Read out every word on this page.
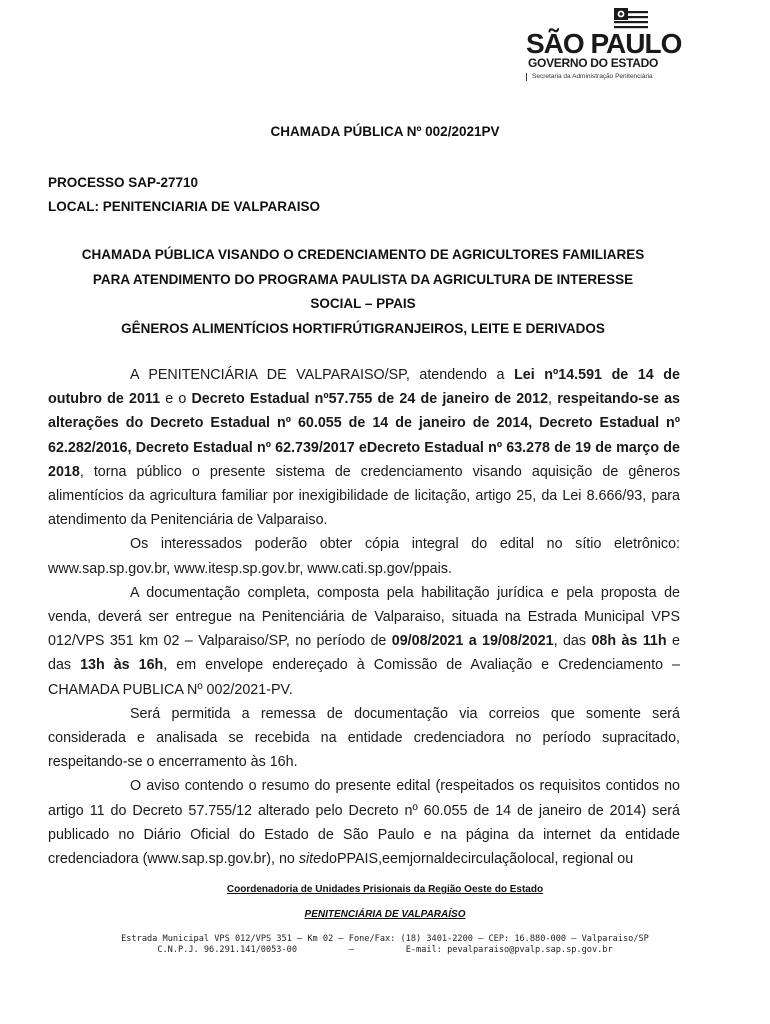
SÃO PAULO
GOVERNO DO ESTADO
Secretaria da Administração Penitenciária
CHAMADA PÚBLICA Nº 002/2021PV
PROCESSO SAP-27710
LOCAL: PENITENCIARIA DE VALPARAISO
CHAMADA PÚBLICA VISANDO O CREDENCIAMENTO DE AGRICULTORES FAMILIARES
PARA ATENDIMENTO DO PROGRAMA PAULISTA DA AGRICULTURA DE INTERESSE
SOCIAL – PPAIS
GÊNEROS ALIMENTÍCIOS HORTIFRÚTIGRANJEIROS, LEITE E DERIVADOS

A PENITENCIÁRIA DE VALPARAISO/SP, atendendo a Lei nº14.591 de 14 de outubro de 2011 e o Decreto Estadual nº57.755 de 24 de janeiro de 2012, respeitando-se as alterações do Decreto Estadual nº 60.055 de 14 de janeiro de 2014, Decreto Estadual nº 62.282/2016, Decreto Estadual nº 62.739/2017 eDecreto Estadual nº 63.278 de 19 de março de 2018, torna público o presente sistema de credenciamento visando aquisição de gêneros alimentícios da agricultura familiar por inexigibilidade de licitação, artigo 25, da Lei 8.666/93, para atendimento da Penitenciária de Valparaiso.

Os interessados poderão obter cópia integral do edital no sítio eletrônico: www.sap.sp.gov.br, www.itesp.sp.gov.br, www.cati.sp.gov/ppais.

A documentação completa, composta pela habilitação jurídica e pela proposta de venda, deverá ser entregue na Penitenciária de Valparaiso, situada na Estrada Municipal VPS 012/VPS 351 km 02 – Valparaiso/SP, no período de 09/08/2021 a 19/08/2021, das 08h às 11h e das 13h às 16h, em envelope endereçado à Comissão de Avaliação e Credenciamento – CHAMADA PUBLICA Nº 002/2021-PV.

Será permitida a remessa de documentação via correios que somente será considerada e analisada se recebida na entidade credenciadora no período supracitado, respeitando-se o encerramento às 16h.

O aviso contendo o resumo do presente edital (respeitados os requisitos contidos no artigo 11 do Decreto 57.755/12 alterado pelo Decreto nº 60.055 de 14 de janeiro de 2014) será publicado no Diário Oficial do Estado de São Paulo e na página da internet da entidade credenciadora (www.sap.sp.gov.br), no sitedoPPAIS,eemjornaldecirculaçãolocal, regional ou

Coordenadoria de Unidades Prisionais da Região Oeste do Estado
PENITENCIÁRIA DE VALPARAÍSO
Estrada Municipal VPS 012/VPS 351 – Km 02 – Fone/Fax: (18) 3401-2200 – CEP: 16.880-000 – Valparaiso/SP
C.N.P.J. 96.291.141/0053-00	–	E-mail: pevalparaiso@pvalp.sap.sp.gov.br
